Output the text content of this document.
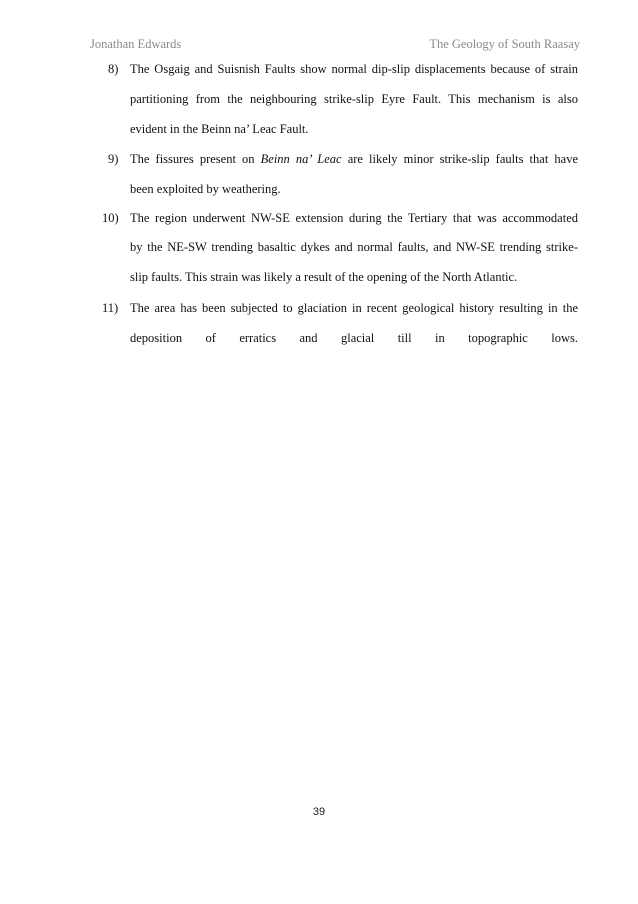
Jonathan Edwards	The Geology of South Raasay
8) The Osgaig and Suisnish Faults show normal dip-slip displacements because of strain
partitioning from the neighbouring strike-slip Eyre Fault. This mechanism is also
evident in the Beinn na’ Leac Fault.
9) The fissures present on Beinn na’ Leac are likely minor strike-slip faults that have
been exploited by weathering.
10) The region underwent NW-SE extension during the Tertiary that was accommodated
by the NE-SW trending basaltic dykes and normal faults, and NW-SE trending strike-
slip faults. This strain was likely a result of the opening of the North Atlantic.
11) The area has been subjected to glaciation in recent geological history resulting in the
deposition of erratics and glacial till in topographic lows.
39
